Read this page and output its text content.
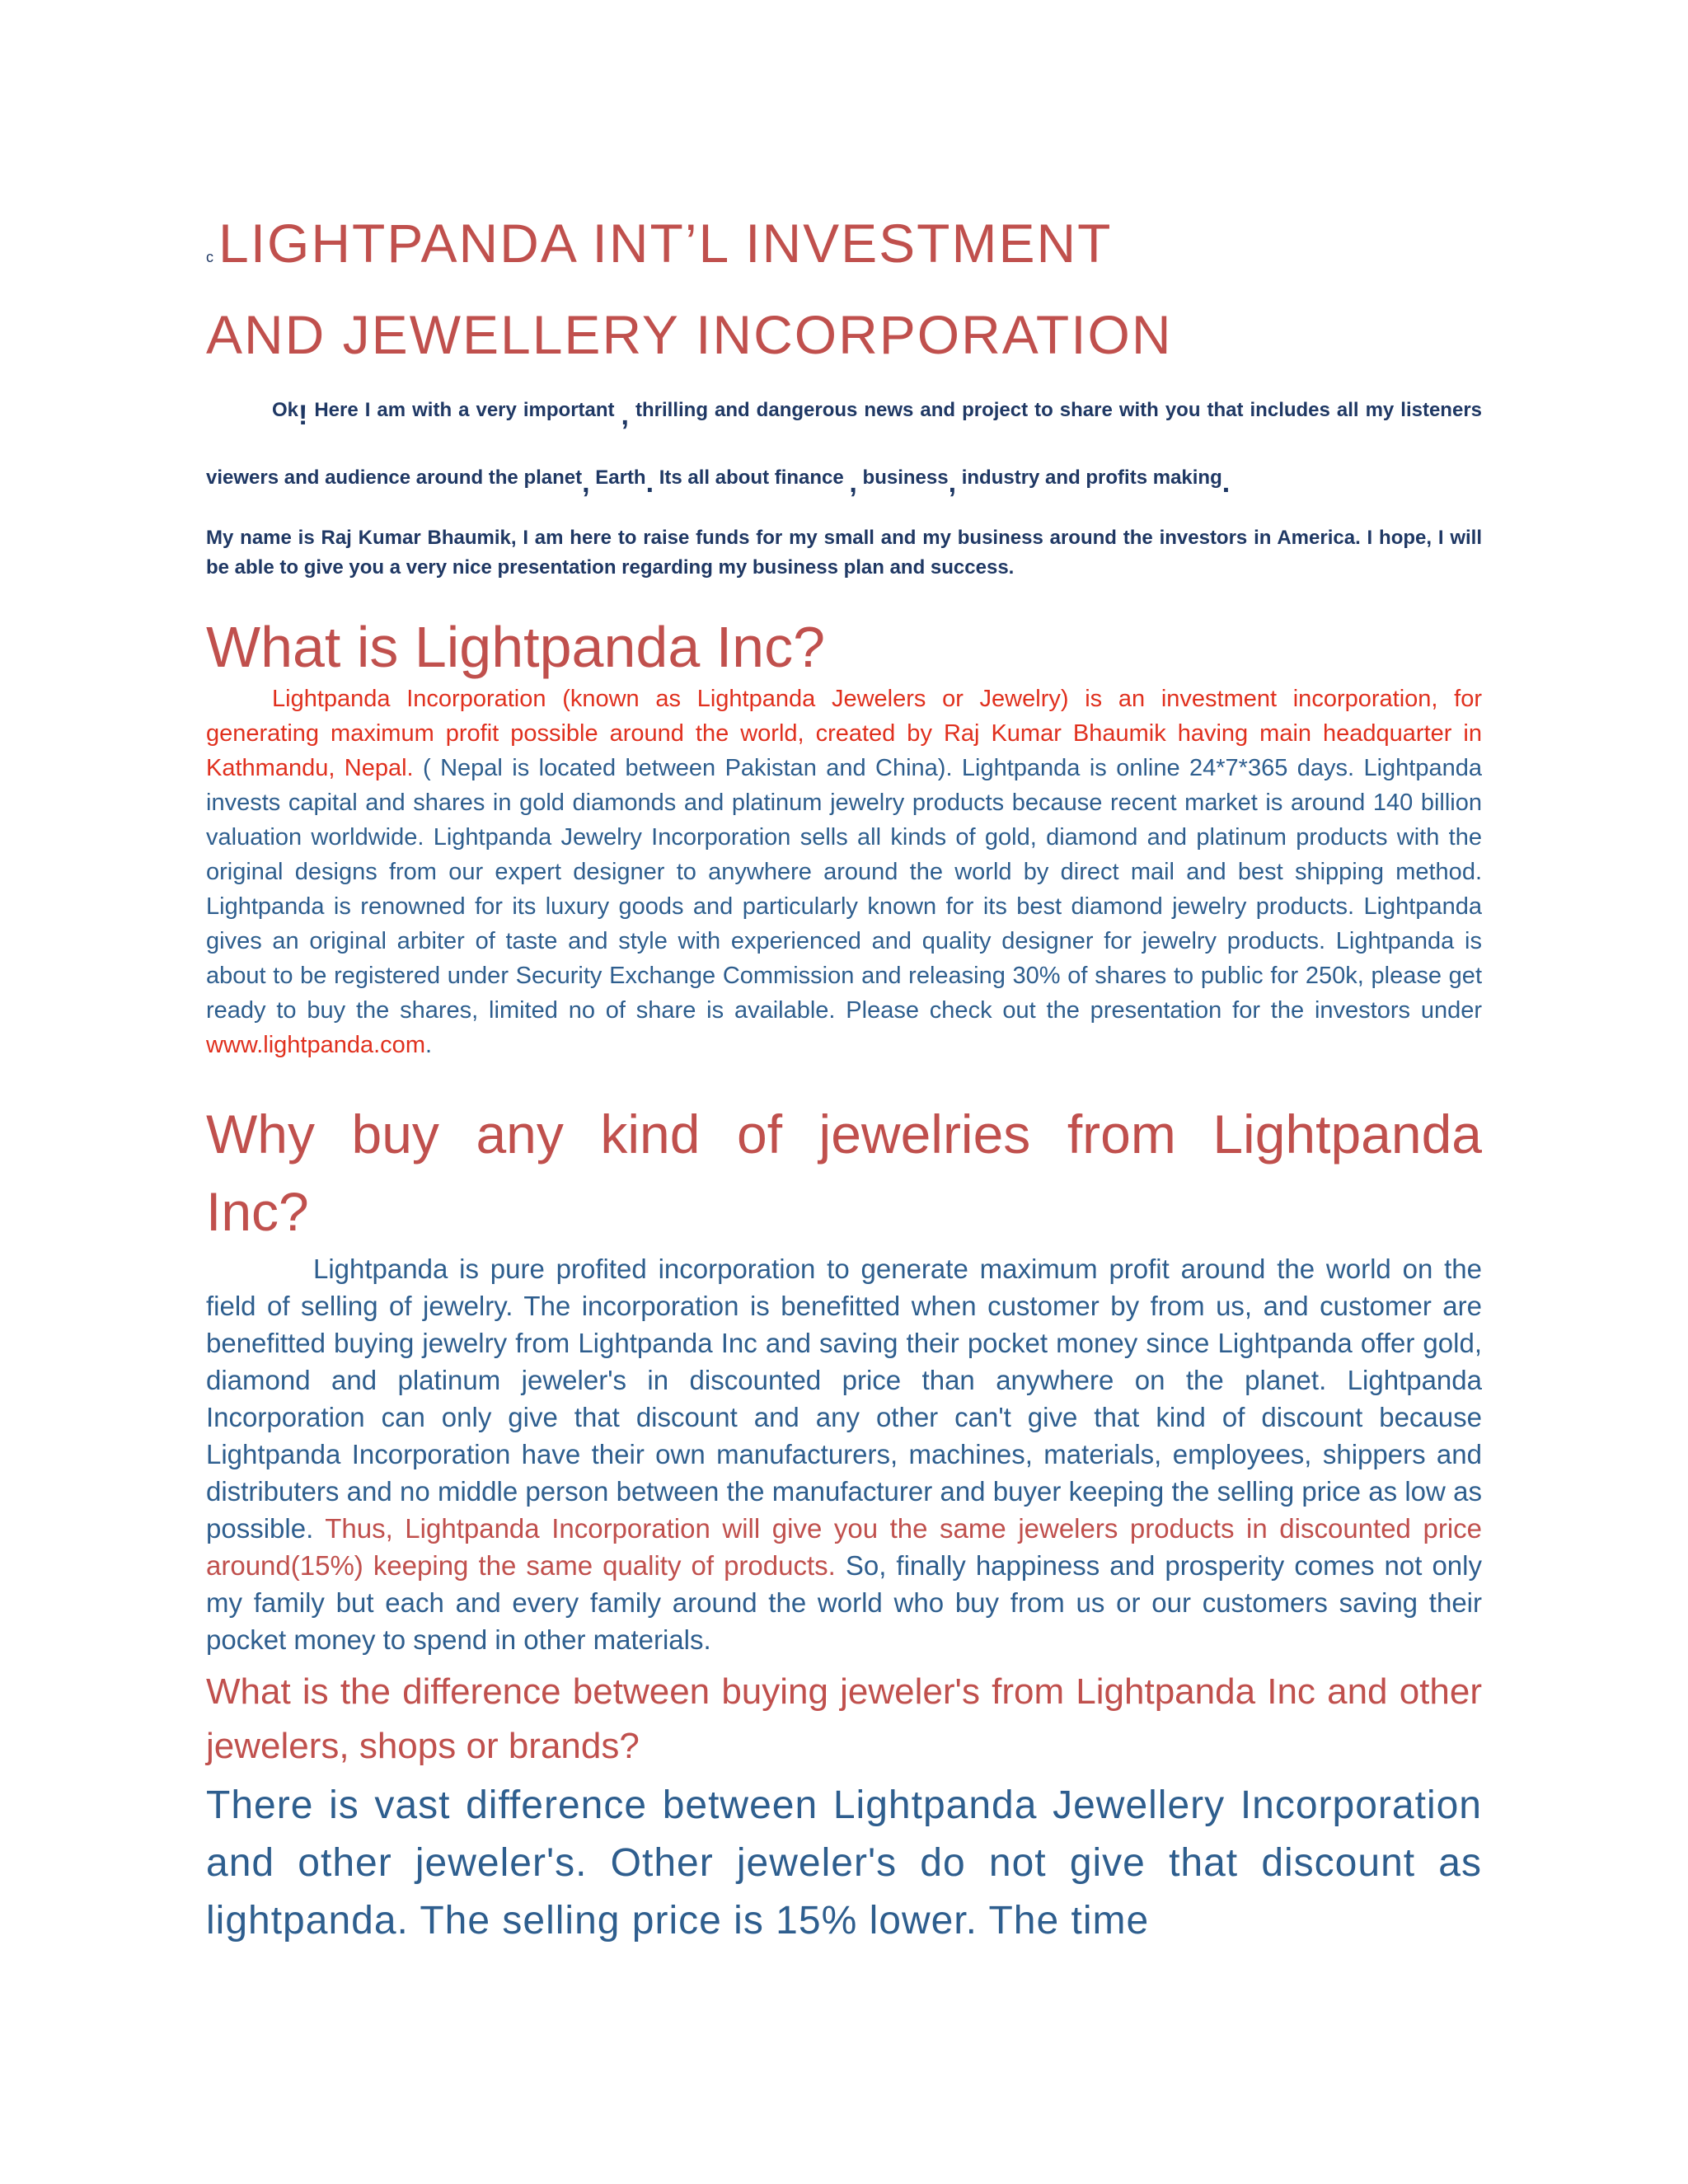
cLIGHTPANDA INT’L INVESTMENT
AND JEWELLERY INCORPORATION

Ok! Here I am with a very important , thrilling and dangerous news and project to share with you that includes all my listeners viewers and audience around the planet, Earth. Its all about finance , business, industry and profits making.

My name is Raj Kumar Bhaumik, I am here to raise funds for my small and my business around the investors in America. I hope, I will be able to give you a very nice presentation regarding my business plan and success.

What is Lightpanda Inc?

Lightpanda Incorporation (known as Lightpanda Jewelers or Jewelry) is an investment incorporation, for generating maximum profit possible around the world, created by Raj Kumar Bhaumik having main headquarter in Kathmandu, Nepal. ( Nepal is located between Pakistan and China). Lightpanda is online 24*7*365 days. Lightpanda invests capital and shares in gold diamonds and platinum jewelry products because recent market is around 140 billion valuation worldwide. Lightpanda Jewelry Incorporation sells all kinds of gold, diamond and platinum products with the original designs from our expert designer to anywhere around the world by direct mail and best shipping method. Lightpanda is renowned for its luxury goods and particularly known for its best diamond jewelry products. Lightpanda gives an original arbiter of taste and style with experienced and quality designer for jewelry products. Lightpanda is about to be registered under Security Exchange Commission and releasing 30% of shares to public for 250k, please get ready to buy the shares, limited no of share is available. Please check out the presentation for the investors under www.lightpanda.com.

Why buy any kind of jewelries from Lightpanda Inc?

Lightpanda is pure profited incorporation to generate maximum profit around the world on the field of selling of jewelry. The incorporation is benefitted when customer by from us, and customer are benefitted buying jewelry from Lightpanda Inc and saving their pocket money since Lightpanda offer gold, diamond and platinum jeweler's in discounted price than anywhere on the planet. Lightpanda Incorporation can only give that discount and any other can't give that kind of discount because Lightpanda Incorporation have their own manufacturers, machines, materials, employees, shippers and distributers and no middle person between the manufacturer and buyer keeping the selling price as low as possible. Thus, Lightpanda Incorporation will give you the same jewelers products in discounted price around(15%) keeping the same quality of products. So, finally happiness and prosperity comes not only my family but each and every family around the world who buy from us or our customers saving their pocket money to spend in other materials.

What is the difference between buying jeweler's from Lightpanda Inc and other jewelers, shops or brands?

There is vast difference between Lightpanda Jewellery Incorporation and other jeweler's. Other jeweler's do not give that discount as lightpanda. The selling price is 15% lower. The time
